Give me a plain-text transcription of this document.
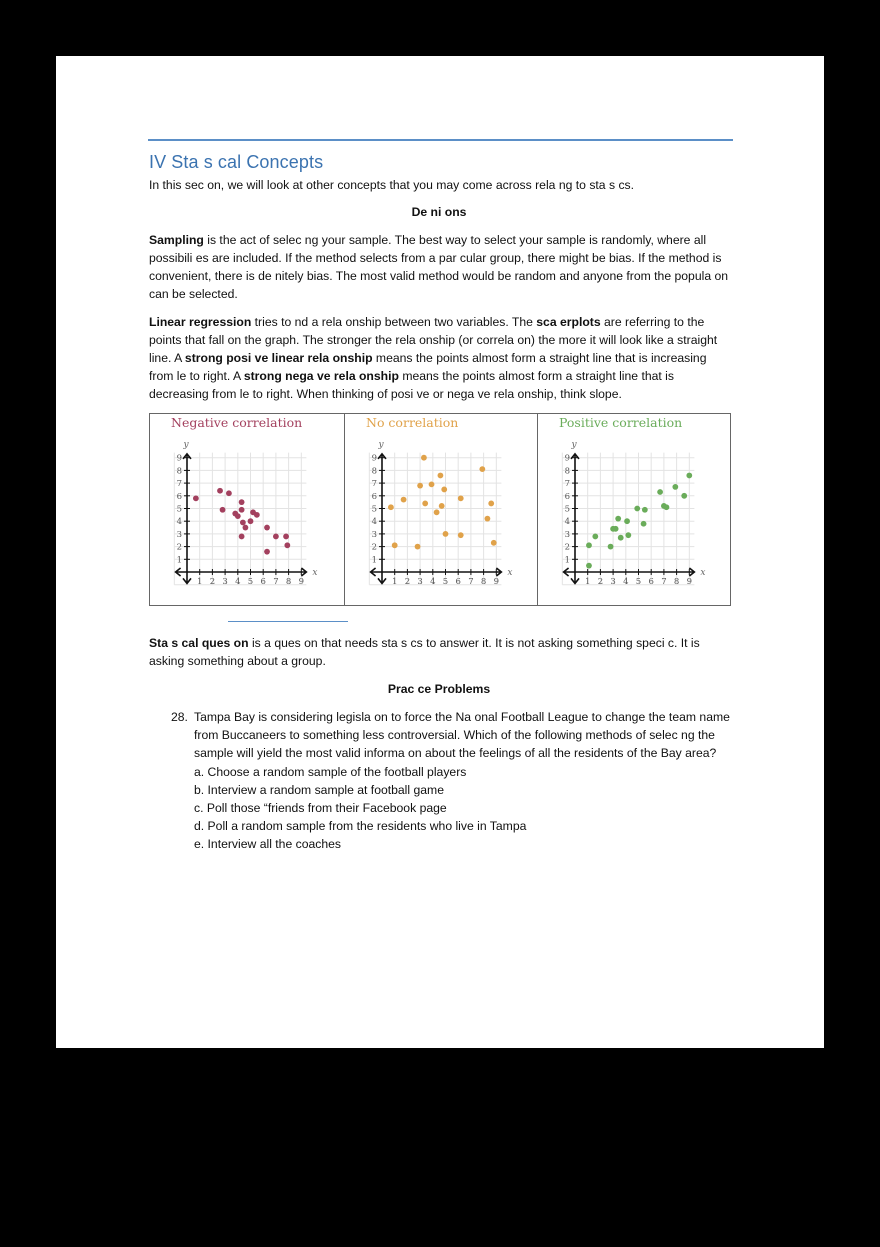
IV Sta s cal Concepts
In this sec on, we will look at other concepts that you may come across rela ng to sta s cs.
De ni ons
Sampling is the act of selec ng your sample. The best way to select your sample is randomly, where all possibili es are included. If the method selects from a par cular group, there might be bias. If the method is convenient, there is de nitely bias. The most valid method would be random and anyone from the popula on can be selected.
Linear regression tries to nd a rela onship between two variables. The sca erplots are referring to the points that fall on the graph. The stronger the rela onship (or correla on) the more it will look like a straight line. A strong posi ve linear rela onship means the points almost form a straight line that is increasing from le to right. A strong nega ve rela onship means the points almost form a straight line that is decreasing from le to right. When thinking of posi ve or nega ve rela onship, think slope.
1 2 3 4 5 6 7 8 9
1
2
3
4
5
6
7
8
9
x
y
Negative correlation
1 2 3 4 5 6 7 8 9
1
2
3
4
5
6
7
8
9
x
y
No correlation
1 2 3 4 5 6 7 8 9
1
2
3
4
5
6
7
8
9
x
y
Positive correlation
Sta s cal ques on is a ques on that needs sta s cs to answer it. It is not asking something speci c. It is asking something about a group.
Prac ce Problems
28. Tampa Bay is considering legisla on to force the Na onal Football League to change the team name from Buccaneers to something less controversial. Which of the following methods of selec ng the sample will yield the most valid informa on about the feelings of all the residents of the Bay area?
a. Choose a random sample of the football players
b. Interview a random sample at football game
c. Poll those “friends from their Facebook page
d. Poll a random sample from the residents who live in Tampa
e. Interview all the coaches
